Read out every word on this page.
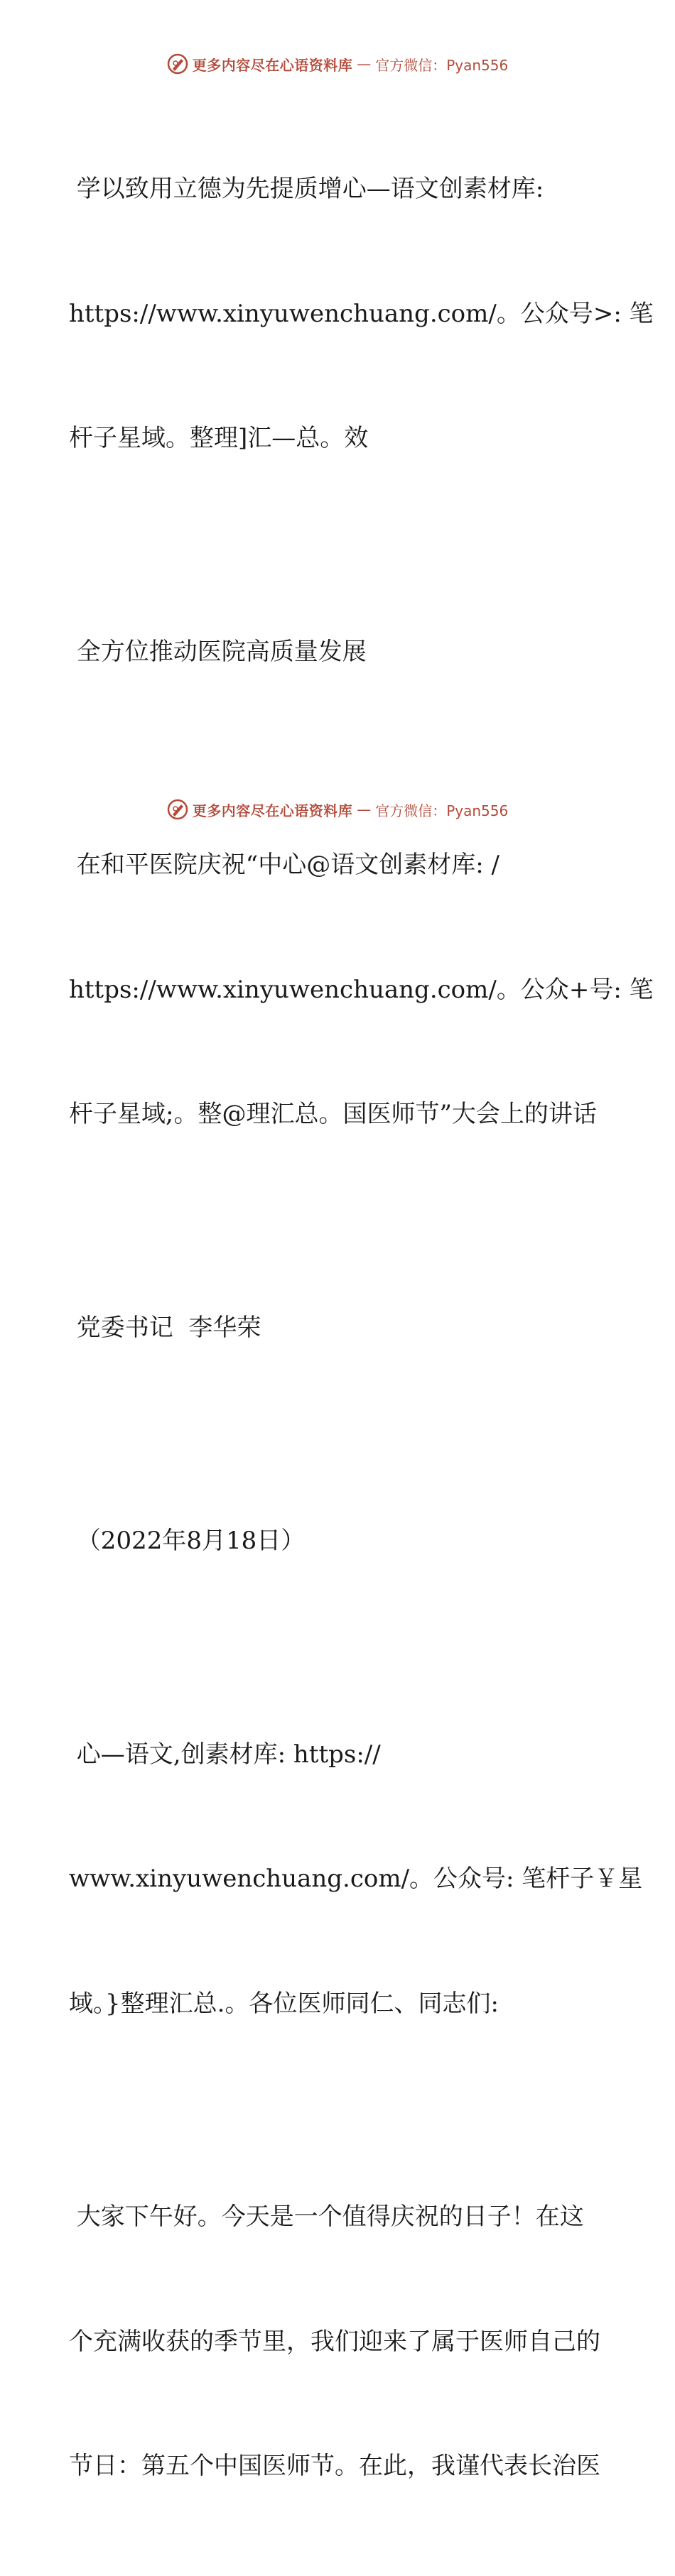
更多内容尽在心语资料库 — 官方微信：Pyan556

学以致用立德为先提质增心—语文创素材库:

https://www.xinyuwenchuang.com/。公众号>: 笔

杆子星域。整理]汇—总。效

全方位推动医院高质量发展

在和平医院庆祝“中心@语文创素材库: /

https://www.xinyuwenchuang.com/。公众+号: 笔

杆子星域;。整@理汇总。国医师节”大会上的讲话

党委书记  李华荣

（2022年8月18日）

心—语文,创素材库: https://

www.xinyuwenchuang.com/。公众号: 笔杆子￥星

域。}整理汇总.。各位医师同仁、同志们:

大家下午好。今天是一个值得庆祝的日子！在这

个充满收获的季节里，我们迎来了属于医师自己的

节日：第五个中国医师节。在此，我谨代表长治医

更多内容尽在心语资料库 — 官方微信：Pyan556
